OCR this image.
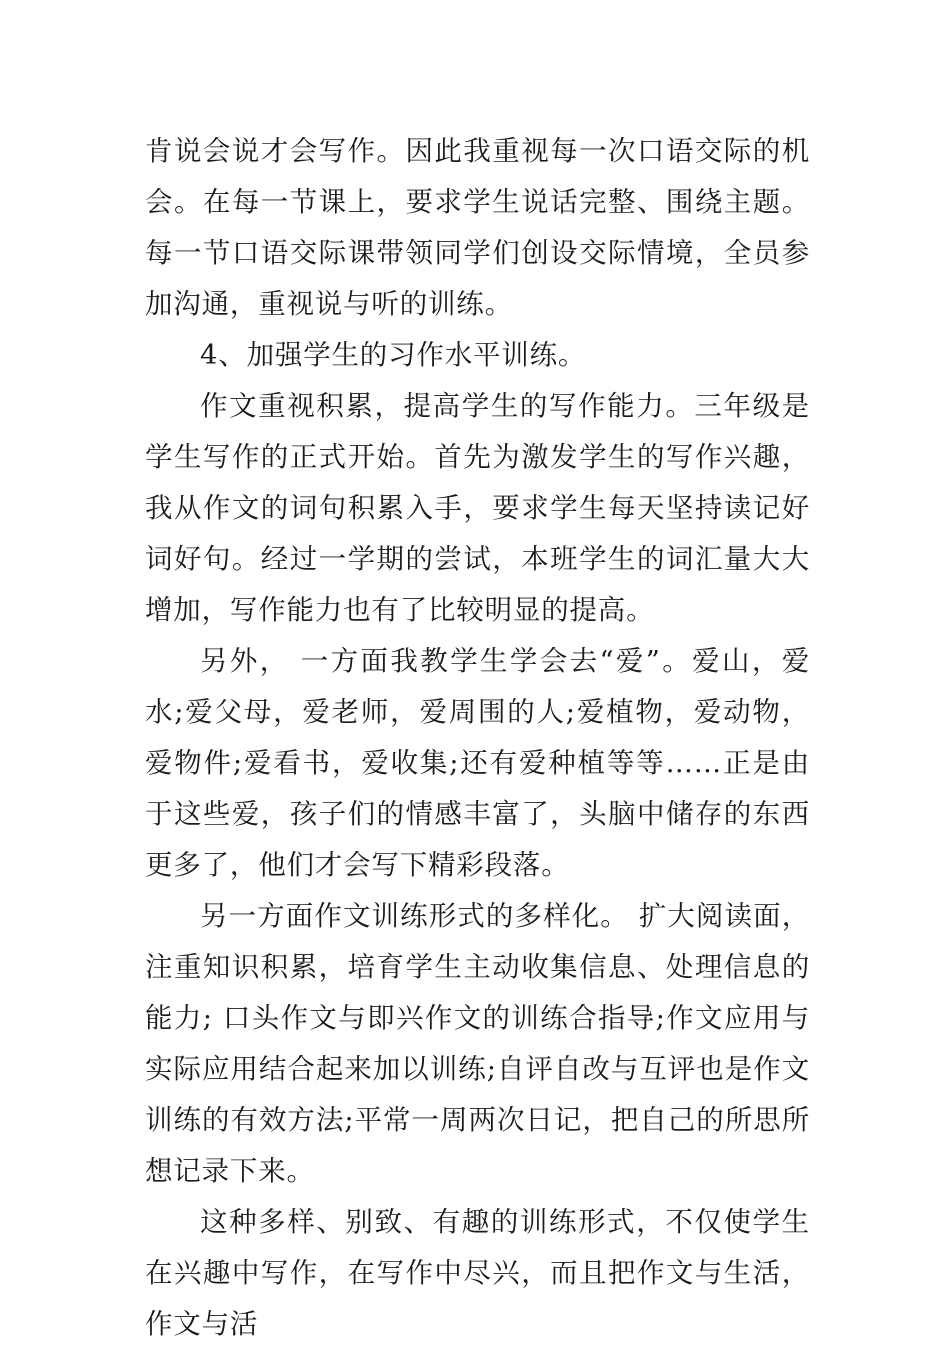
肯说会说才会写作。因此我重视每一次口语交际的机会。在每一节课上，要求学生说话完整、围绕主题。每一节口语交际课带领同学们创设交际情境，全员参加沟通，重视说与听的训练。

4、加强学生的习作水平训练。

作文重视积累，提高学生的写作能力。三年级是学生写作的正式开始。首先为激发学生的写作兴趣，我从作文的词句积累入手，要求学生每天坚持读记好词好句。经过一学期的尝试，本班学生的词汇量大大增加，写作能力也有了比较明显的提高。

另外， 一方面我教学生学会去“爱”。爱山，爱水;爱父母，爱老师，爱周围的人;爱植物，爱动物，爱物件;爱看书，爱收集;还有爱种植等等……正是由于这些爱，孩子们的情感丰富了，头脑中储存的东西更多了，他们才会写下精彩段落。

另一方面作文训练形式的多样化。 扩大阅读面，注重知识积累，培育学生主动收集信息、处理信息的能力; 口头作文与即兴作文的训练合指导;作文应用与实际应用结合起来加以训练;自评自改与互评也是作文训练的有效方法;平常一周两次日记，把自己的所思所想记录下来。

这种多样、别致、有趣的训练形式，不仅使学生在兴趣中写作，在写作中尽兴，而且把作文与生活，作文与活
